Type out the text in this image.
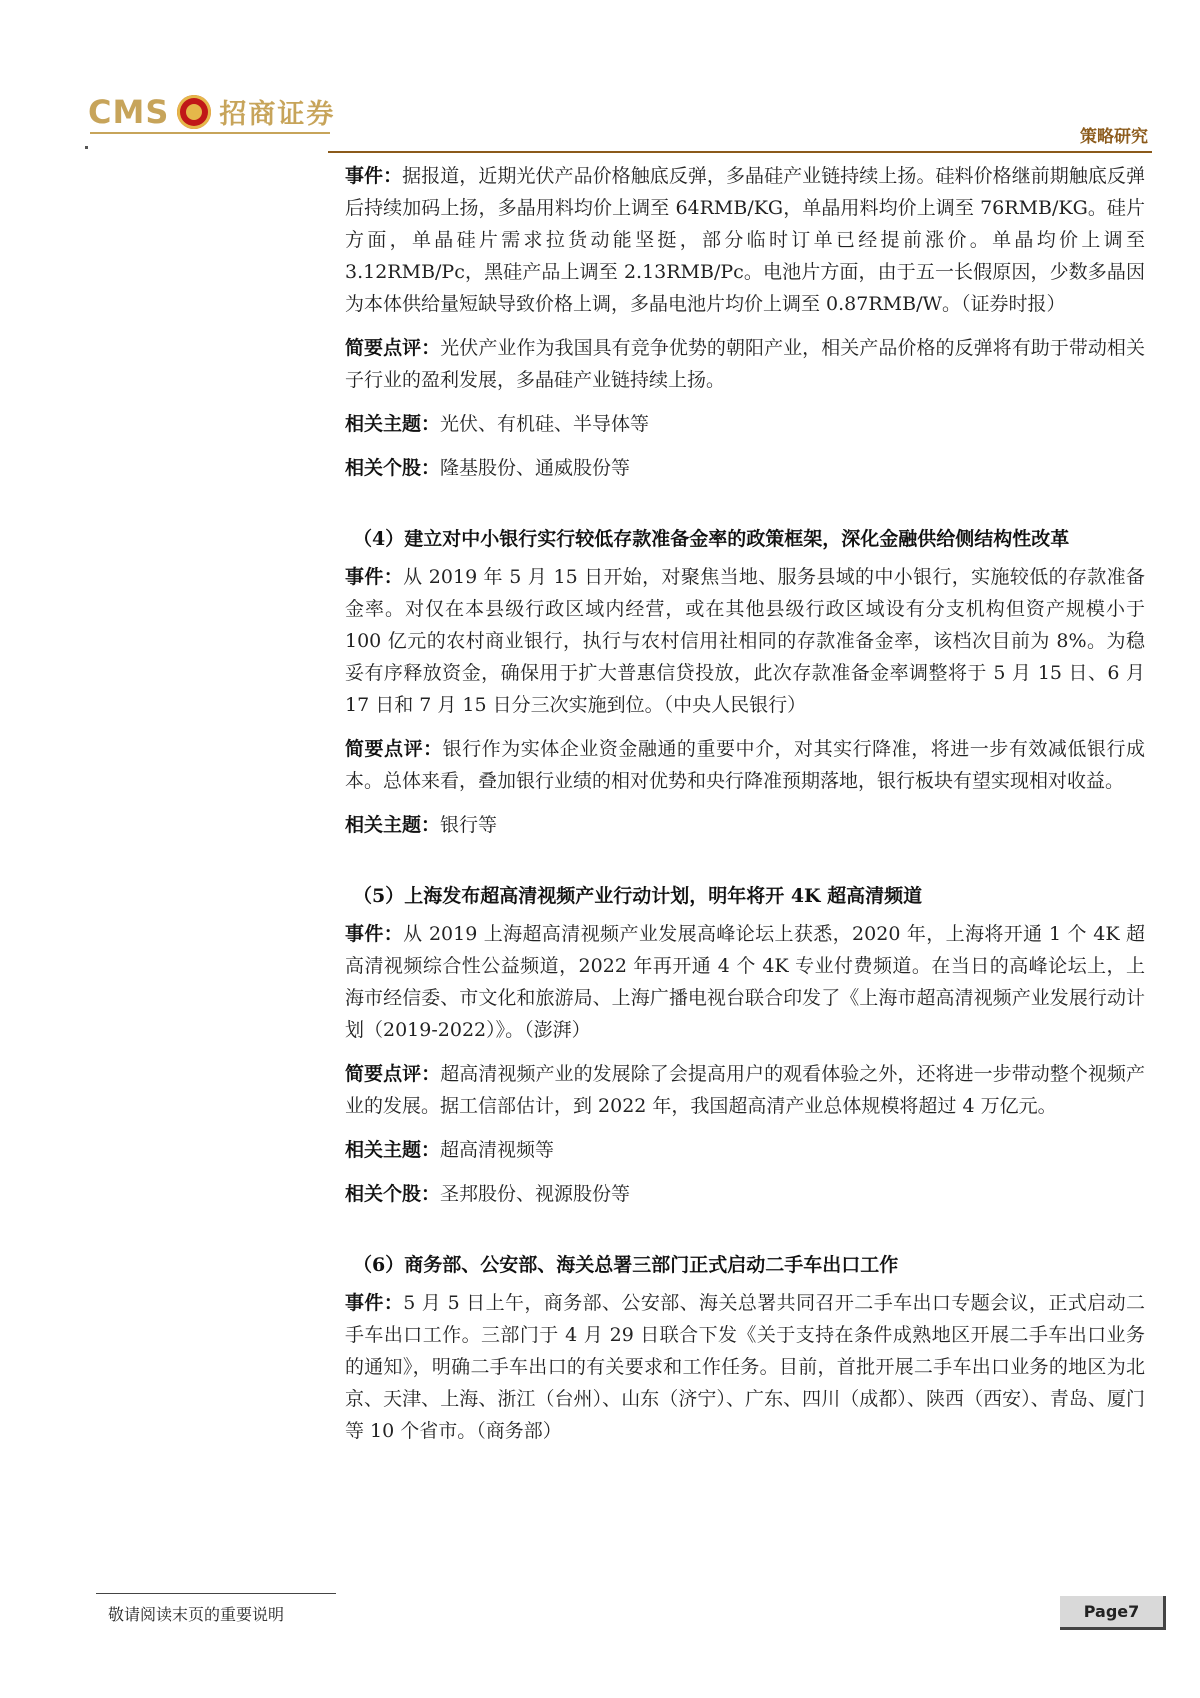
CMS 招商证券
策略研究

事件：据报道，近期光伏产品价格触底反弹，多晶硅产业链持续上扬。硅料价格继前期触底反弹后持续加码上扬，多晶用料均价上调至 64RMB/KG，单晶用料均价上调至 76RMB/KG。硅片方面，单晶硅片需求拉货动能坚挺，部分临时订单已经提前涨价。单晶均价上调至 3.12RMB/Pc，黑硅产品上调至 2.13RMB/Pc。电池片方面，由于五一长假原因，少数多晶因为本体供给量短缺导致价格上调，多晶电池片均价上调至 0.87RMB/W。（证券时报）

简要点评：光伏产业作为我国具有竞争优势的朝阳产业，相关产品价格的反弹将有助于带动相关子行业的盈利发展，多晶硅产业链持续上扬。

相关主题：光伏、有机硅、半导体等

相关个股：隆基股份、通威股份等

（4）建立对中小银行实行较低存款准备金率的政策框架，深化金融供给侧结构性改革

事件：从 2019 年 5 月 15 日开始，对聚焦当地、服务县域的中小银行，实施较低的存款准备金率。对仅在本县级行政区域内经营，或在其他县级行政区域设有分支机构但资产规模小于 100 亿元的农村商业银行，执行与农村信用社相同的存款准备金率，该档次目前为 8%。为稳妥有序释放资金，确保用于扩大普惠信贷投放，此次存款准备金率调整将于 5 月 15 日、6 月 17 日和 7 月 15 日分三次实施到位。（中央人民银行）

简要点评：银行作为实体企业资金融通的重要中介，对其实行降准，将进一步有效减低银行成本。总体来看，叠加银行业绩的相对优势和央行降准预期落地，银行板块有望实现相对收益。

相关主题：银行等

（5）上海发布超高清视频产业行动计划，明年将开 4K 超高清频道

事件：从 2019 上海超高清视频产业发展高峰论坛上获悉，2020 年，上海将开通 1 个 4K 超高清视频综合性公益频道，2022 年再开通 4 个 4K 专业付费频道。在当日的高峰论坛上，上海市经信委、市文化和旅游局、上海广播电视台联合印发了《上海市超高清视频产业发展行动计划（2019-2022）》。（澎湃）

简要点评：超高清视频产业的发展除了会提高用户的观看体验之外，还将进一步带动整个视频产业的发展。据工信部估计，到 2022 年，我国超高清产业总体规模将超过 4 万亿元。

相关主题：超高清视频等

相关个股：圣邦股份、视源股份等

（6）商务部、公安部、海关总署三部门正式启动二手车出口工作

事件：5 月 5 日上午，商务部、公安部、海关总署共同召开二手车出口专题会议，正式启动二手车出口工作。三部门于 4 月 29 日联合下发《关于支持在条件成熟地区开展二手车出口业务的通知》，明确二手车出口的有关要求和工作任务。目前，首批开展二手车出口业务的地区为北京、天津、上海、浙江（台州）、山东（济宁）、广东、四川（成都）、陕西（西安）、青岛、厦门等 10 个省市。（商务部）

敬请阅读末页的重要说明	Page7
